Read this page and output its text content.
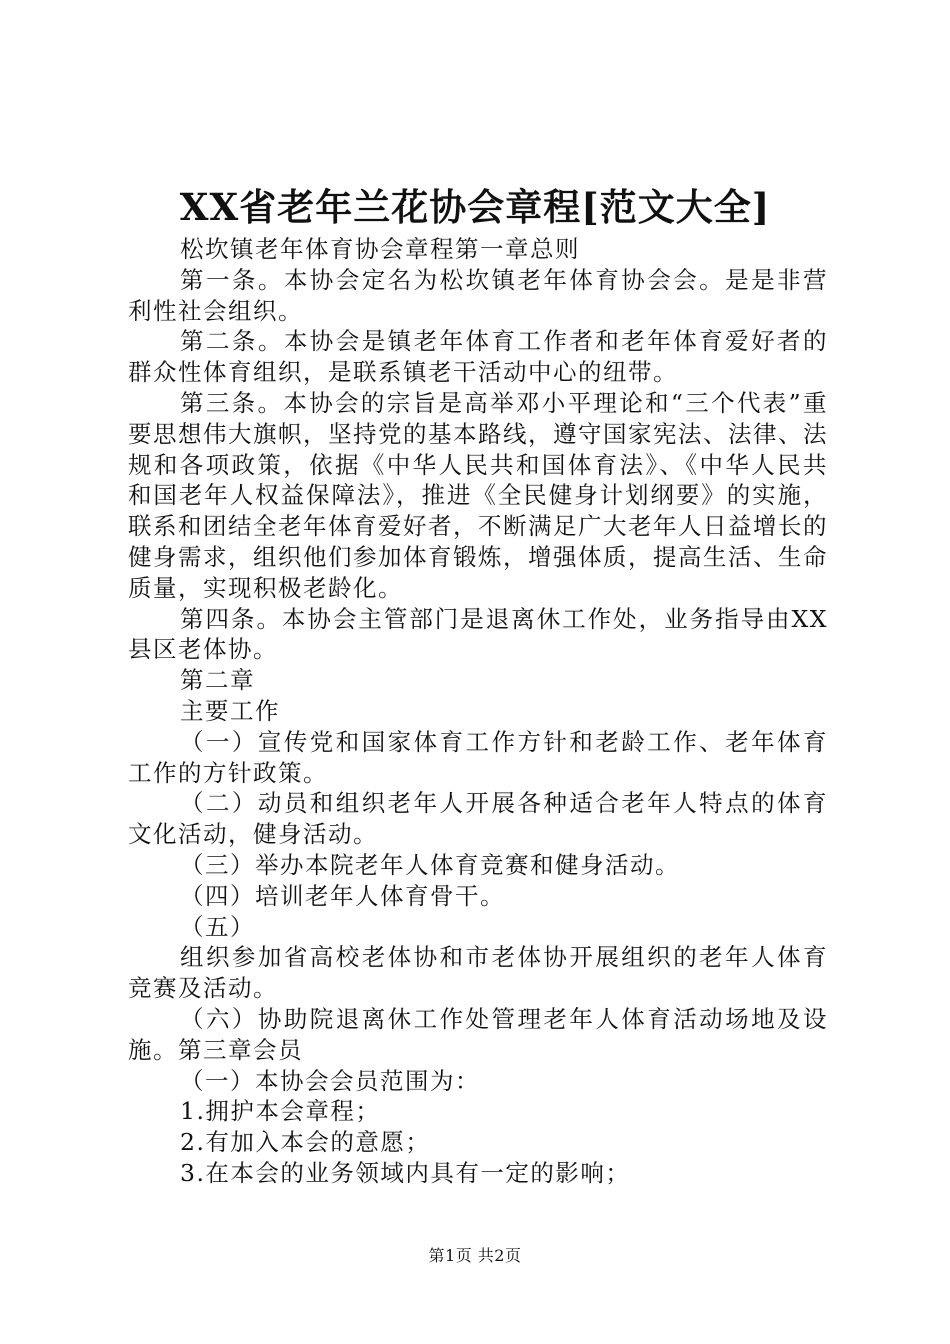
XX省老年兰花协会章程[范文大全]

松坎镇老年体育协会章程第一章总则

第一条。本协会定名为松坎镇老年体育协会会。是是非营利性社会组织。

第二条。本协会是镇老年体育工作者和老年体育爱好者的群众性体育组织，是联系镇老干活动中心的纽带。

第三条。本协会的宗旨是高举邓小平理论和“三个代表”重要思想伟大旗帜，坚持党的基本路线，遵守国家宪法、法律、法规和各项政策，依据《中华人民共和国体育法》、《中华人民共和国老年人权益保障法》，推进《全民健身计划纲要》的实施，联系和团结全老年体育爱好者，不断满足广大老年人日益增长的健身需求，组织他们参加体育锻炼，增强体质，提高生活、生命质量，实现积极老龄化。

第四条。本协会主管部门是退离休工作处，业务指导由XX县区老体协。

第二章

主要工作

（一）宣传党和国家体育工作方针和老龄工作、老年体育工作的方针政策。

（二）动员和组织老年人开展各种适合老年人特点的体育文化活动，健身活动。

（三）举办本院老年人体育竞赛和健身活动。

（四）培训老年人体育骨干。

（五）

组织参加省高校老体协和市老体协开展组织的老年人体育竞赛及活动。

（六）协助院退离休工作处管理老年人体育活动场地及设施。第三章会员

（一）本协会会员范围为：

1.拥护本会章程；

2.有加入本会的意愿；

3.在本会的业务领域内具有一定的影响；

第1页 共2页
